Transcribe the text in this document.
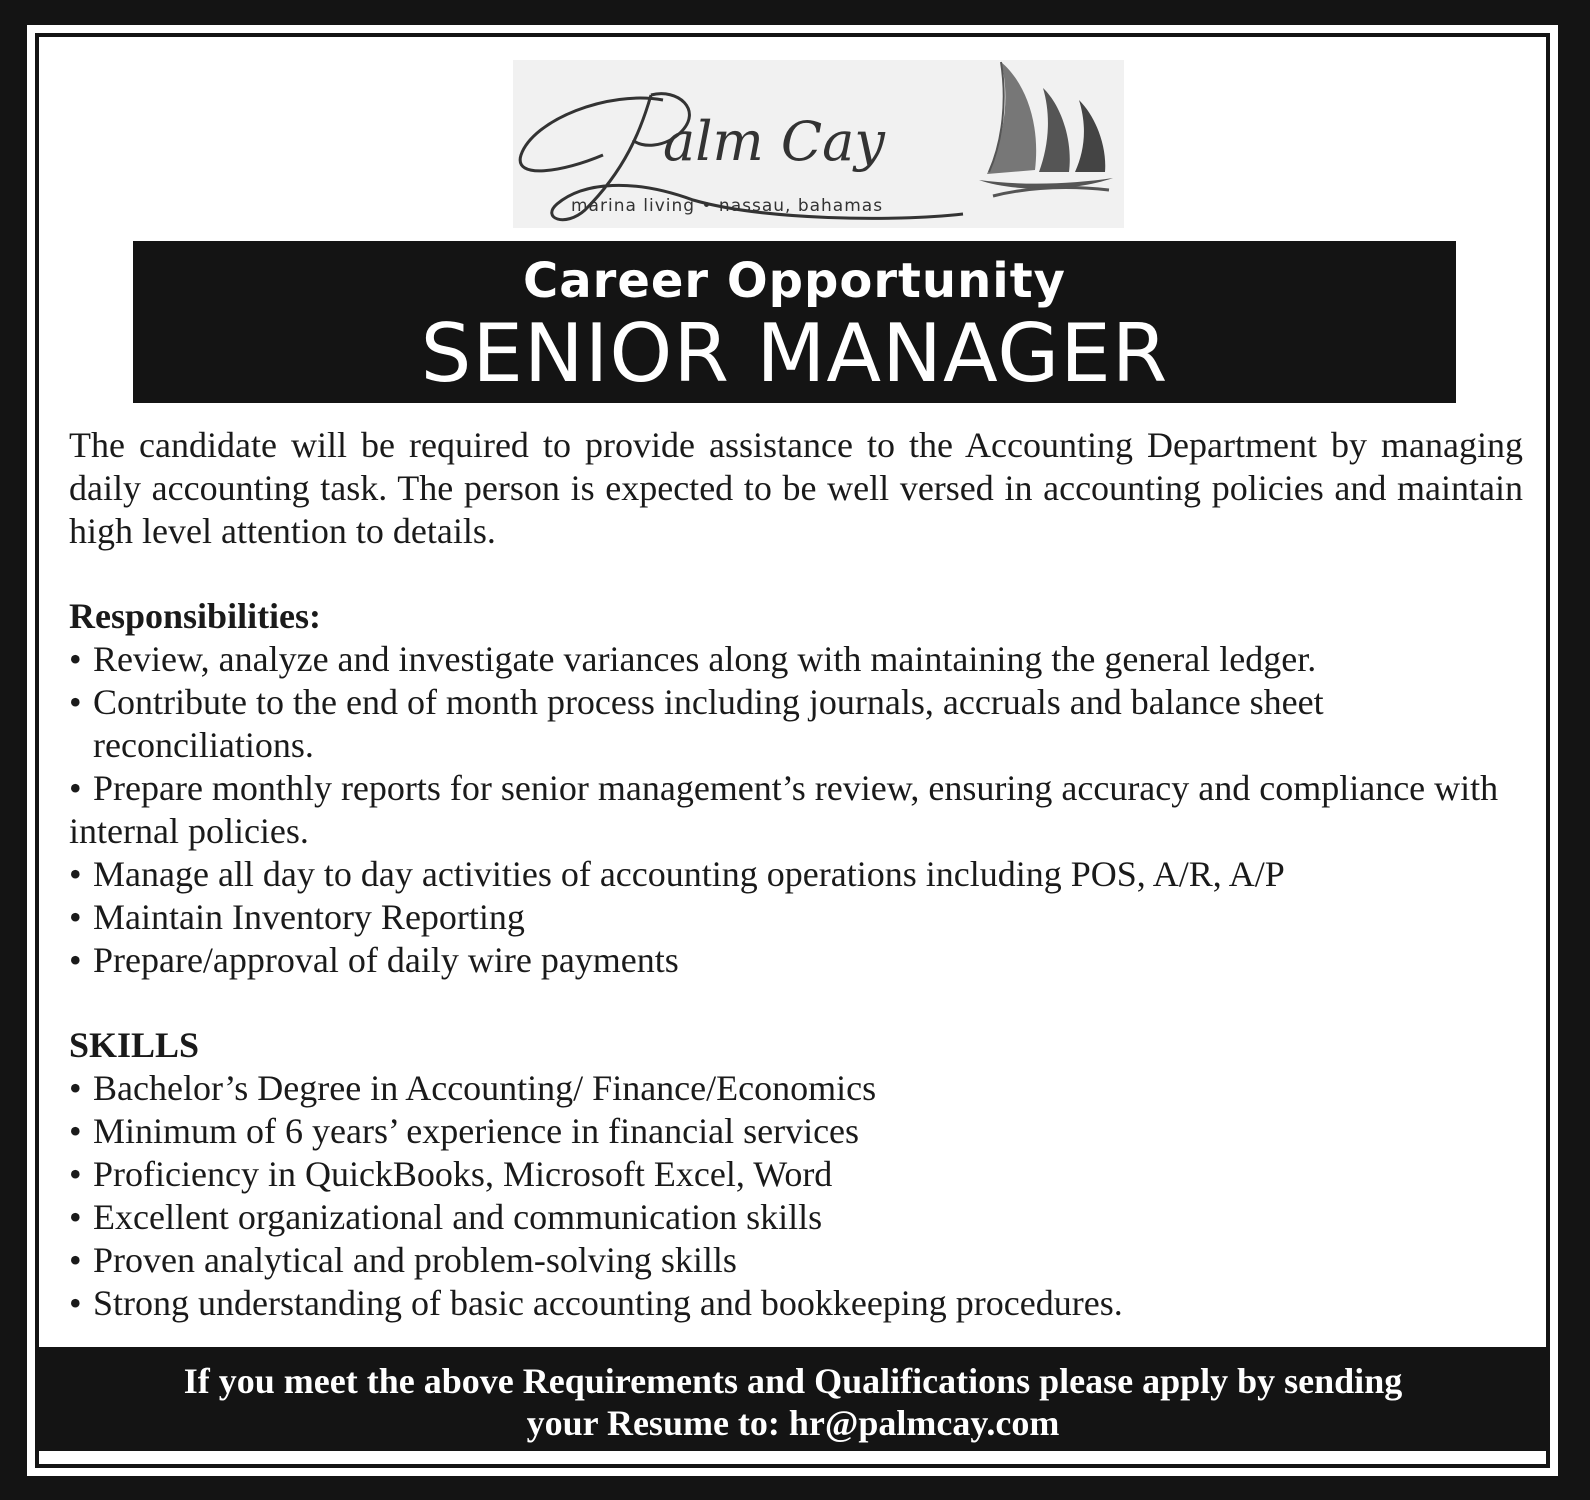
alm Cay
marina living • nassau, bahamas
Career Opportunity
SENIOR MANAGER

The candidate will be required to provide assistance to the Accounting Department by managing daily accounting task. The person is expected to be well versed in accounting policies and maintain high level attention to details.

Responsibilities:

• Review, analyze and investigate variances along with maintaining the general ledger.
• Contribute to the end of month process including journals, accruals and balance sheet reconciliations.
• Prepare monthly reports for senior management’s review, ensuring accuracy and compliance with internal policies.
• Manage all day to day activities of accounting operations including POS, A/R, A/P
• Maintain Inventory Reporting
• Prepare/approval of daily wire payments

SKILLS

• Bachelor’s Degree in Accounting/ Finance/Economics
• Minimum of 6 years’ experience in financial services
• Proficiency in QuickBooks, Microsoft Excel, Word
• Excellent organizational and communication skills
• Proven analytical and problem-solving skills
• Strong understanding of basic accounting and bookkeeping procedures.
If you meet the above Requirements and Qualifications please apply by sending
your Resume to: hr@palmcay.com
